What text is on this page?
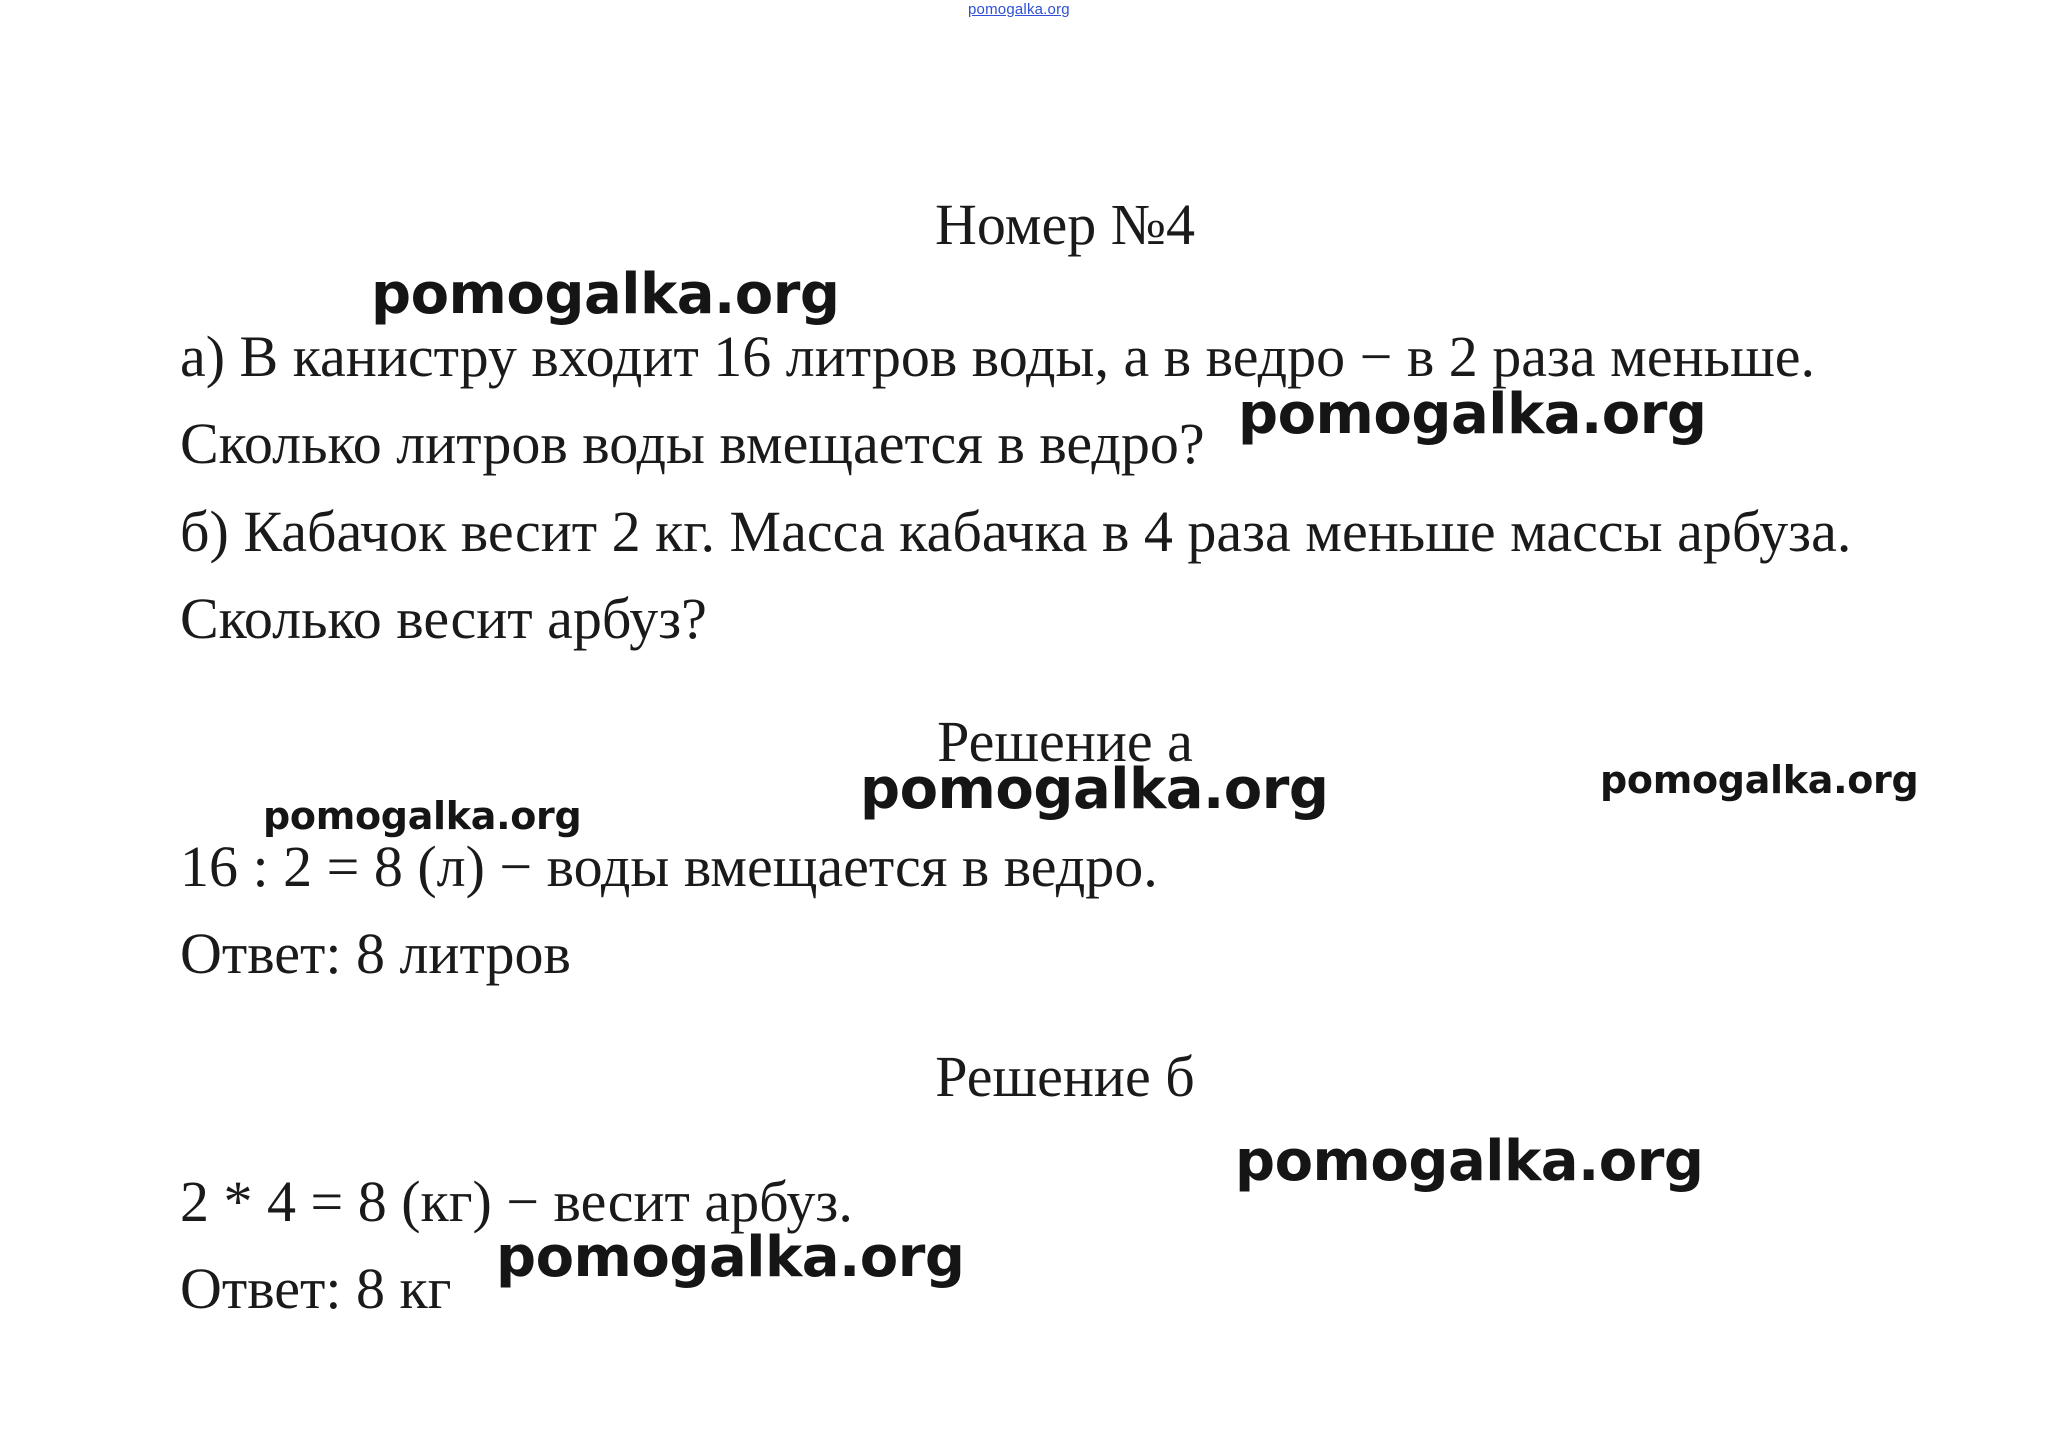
pomogalka.org
Номер №4
а) В канистру входит 16 литров воды, а в ведро − в 2 раза меньше.
Сколько литров воды вмещается в ведро?
б) Кабачок весит 2 кг. Масса кабачка в 4 раза меньше массы арбуза.
Сколько весит арбуз?
Решение а
16 : 2 = 8 (л) − воды вмещается в ведро.
Ответ: 8 литров
Решение б
2 * 4 = 8 (кг) − весит арбуз.
Ответ: 8 кг
pomogalka.org
pomogalka.org
pomogalka.org	pomogalka.org
pomogalka.org
pomogalka.org
pomogalka.org
